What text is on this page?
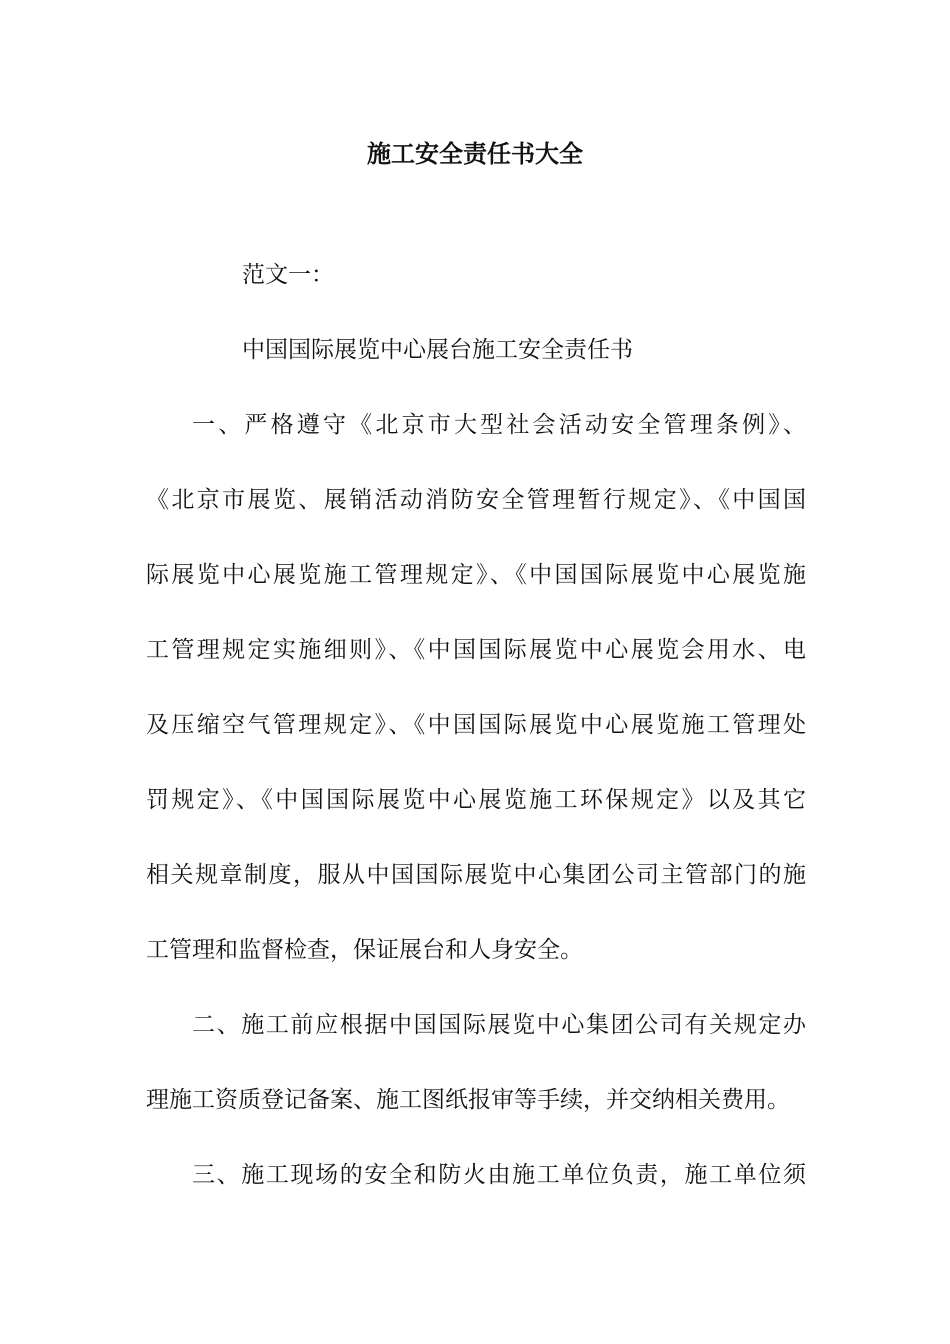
施工安全责任书大全

范文一：

中国国际展览中心展台施工安全责任书

一、严格遵守《北京市大型社会活动安全管理条例》、

《北京市展览、展销活动消防安全管理暂行规定》、《中国国

际展览中心展览施工管理规定》、《中国国际展览中心展览施

工管理规定实施细则》、《中国国际展览中心展览会用水、电

及压缩空气管理规定》、《中国国际展览中心展览施工管理处

罚规定》、《中国国际展览中心展览施工环保规定》以及其它

相关规章制度，服从中国国际展览中心集团公司主管部门的施

工管理和监督检查，保证展台和人身安全。

二、施工前应根据中国国际展览中心集团公司有关规定办

理施工资质登记备案、施工图纸报审等手续，并交纳相关费用。

三、施工现场的安全和防火由施工单位负责，施工单位须
